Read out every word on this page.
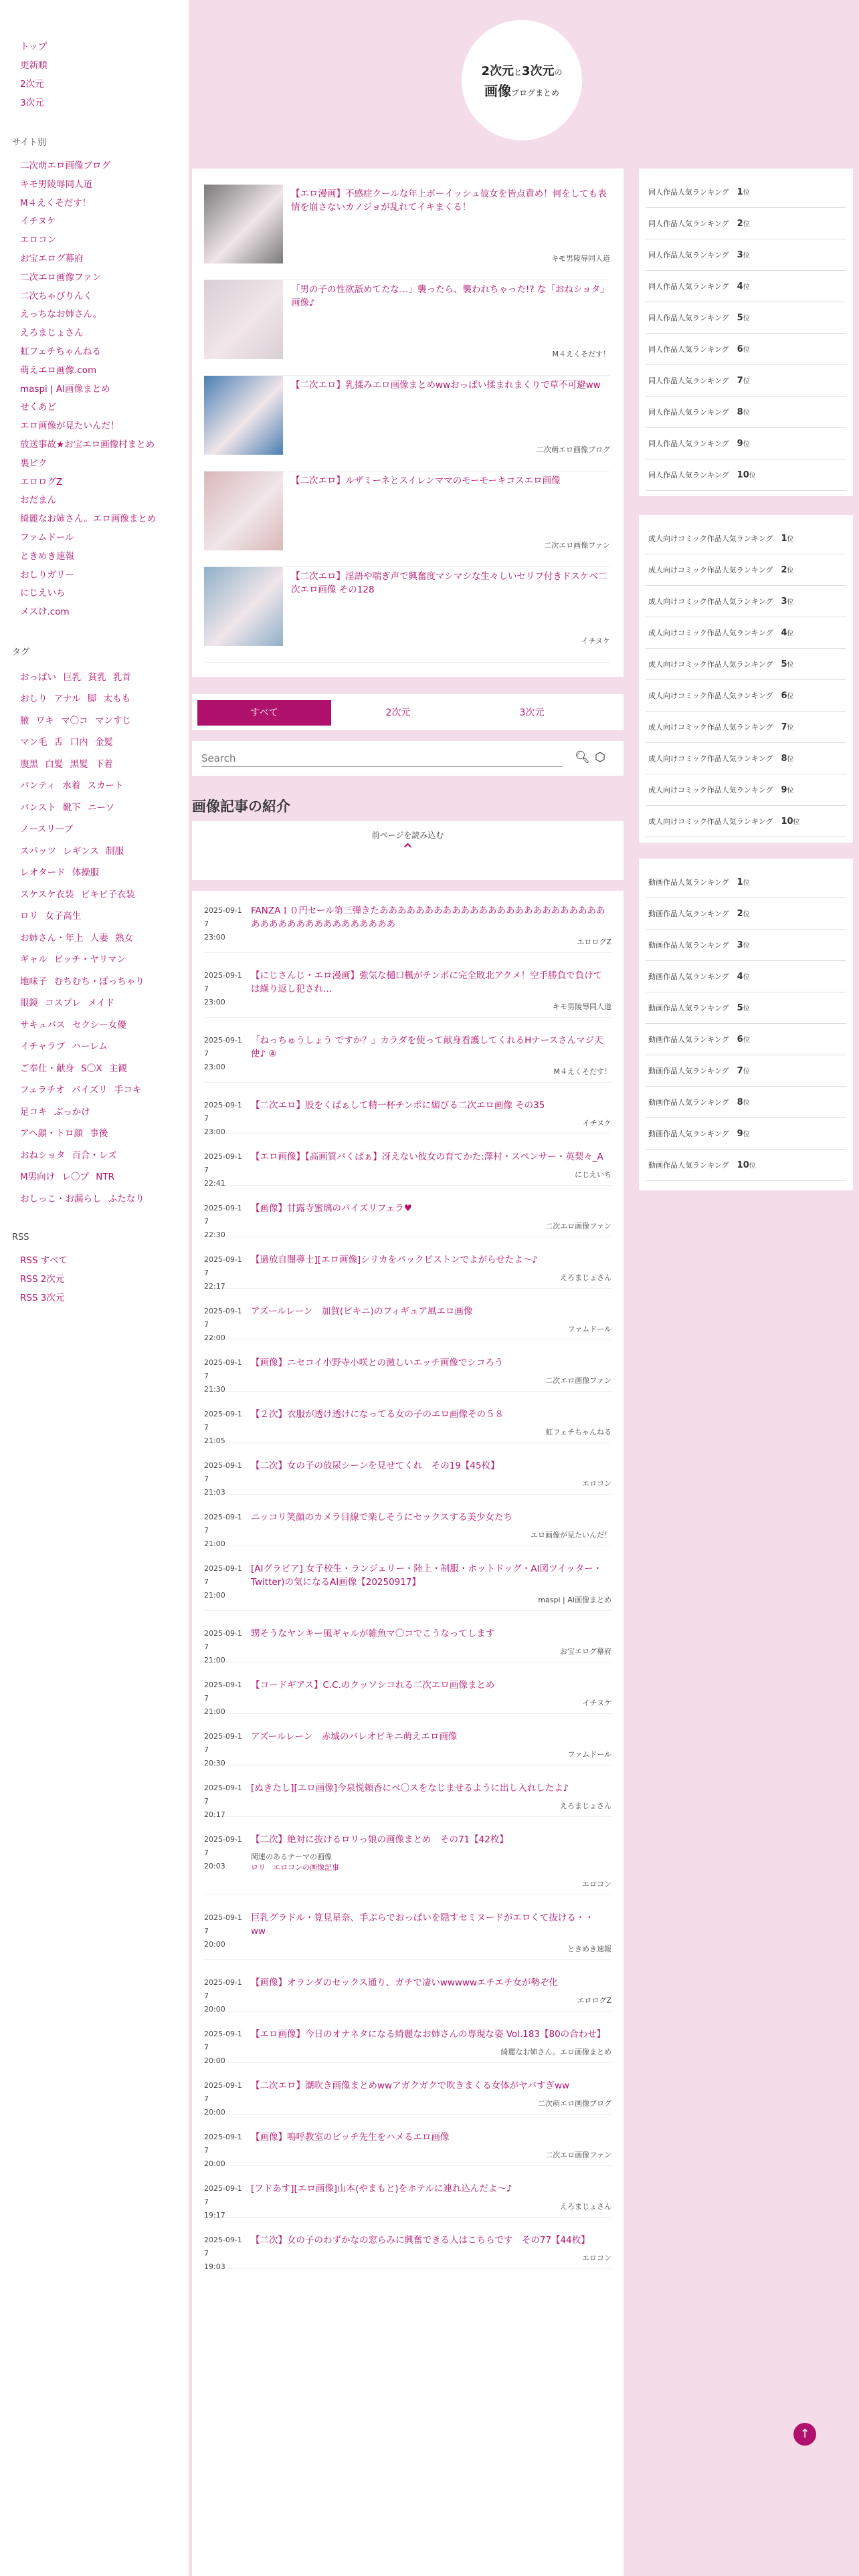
トップ
更新順
2次元
3次元
サイト別
二次萌エロ画像ブログ
キモ男陵辱同人道
M４えくそだす！
イチヌケ
エロコン
お宝エログ幕府
二次エロ画像ファン
二次ちゃびりんく
えっちなお姉さん。
えろまじょさん
虹フェチちゃんねる
萌えエロ画像.com
maspi | AI画像まとめ
せくあど
エロ画像が見たいんだ！
放送事故★お宝エロ画像村まとめ
裏ピク
エロログZ
おだまん
綺麗なお姉さん。エロ画像まとめ
ファムドール
ときめき速報
おしりガリー
にじえいち
メスけ.com
タグ
おっぱい 巨乳 貧乳 乳首
おしり アナル 脚 太もも
腋 ワキ マ〇コ マンすじ
マン毛 舌 口内 金髪
腹黒 白髪 黒髪 下着
パンティ 水着 スカート
パンスト 靴下 ニーソ
ノースリーブ
スパッツ レギンス 制服
レオタード 体操服
スケスケ衣装 ビキビ子衣装
ロリ 女子高生
お姉さん・年上 人妻 熟女
ギャル ビッチ・ヤリマン
地味子 むちむち・ぽっちゃり
眼鏡 コスプレ メイド
サキュバス セクシー女優
イチャラブ ハーレム
ご奉仕・献身 S〇X 主観
フェラチオ パイズリ 手コキ
足コキ ぶっかけ
アヘ顔・トロ顔 事後
おねショタ 百合・レズ
M男向け レ〇プ NTR
おしっこ・お漏らし ふたなり
RSS
RSS すべて
RSS 2次元
RSS 3次元
2次元と3次元の
画像ブログまとめ
【エロ漫画】不感症クールな年上ボーイッシュ彼女を皆点責め！何をしても表情を崩さないカノジョが乱れてイキまくる！
キモ男陵辱同人道
「男の子の性欲舐めてたな…」襲ったら、襲われちゃった!? な「おねショタ」画像♪
M４えくそだす！
【二次エロ】乳揉みエロ画像まとめwwおっぱい揉まれまくりで草不可避ww
二次萌エロ画像ブログ
【二次エロ】ルザミーネとスイレンママのモーモーキコスエロ画像
二次エロ画像ファン
【二次エロ】淫語や喘ぎ声で興奮度マシマシな生々しいセリフ付きドスケベ二次エロ画像 その128
イチヌケ
すべて	2次元	3次元
Search
🔍︎ ⬡
画像記事の紹介
前ページを読み込む
⌃
2025-09-1
7
23:00
FANZA１０円セール第三弾きたあああああああああああああああああああああああああああああああああああああああああ
エロログZ
2025-09-1
7
23:00
【にじさんじ・エロ漫画】強気な樋口楓がチンポに完全敗北アクメ！空手勝負で負けては繰り返し犯され…
キモ男陵辱同人道
2025-09-1
7
23:00
「ねっちゅうしょう ですか？」カラダを使って献身看護してくれるHナースさんマジ天使♪ ④
M４えくそだす！
2025-09-1
7
23:00
【二次エロ】股をくぱぁして精一杯チンポに媚びる二次エロ画像 その35
イチヌケ
2025-09-1
7
22:41
【エロ画像】【高画質パくぱぁ】冴えない彼女の育てかた:澤村・スペンサー・英梨々_A
にじえいち
2025-09-1
7
22:30
【画像】甘露寺蜜璃のパイズリフェラ♥
二次エロ画像ファン
2025-09-1
7
22:17
【過放自闇導士][エロ画像]シリカをバックピストンでよがらせたよ〜♪
えろまじょさん
2025-09-1
7
22:00
アズールレーン　加賀(ビキニ)のフィギュア風エロ画像
ファムドール
2025-09-1
7
21:30
【画像】ニセコイ小野寺小咲との激しいエッチ画像でシコろう
二次エロ画像ファン
2025-09-1
7
21:05
【２次】衣服が透け透けになってる女の子のエロ画像その５８
虹フェチちゃんねる
2025-09-1
7
21:03
【二次】女の子の放尿シーンを見せてくれ　その19【45枚】
エロコン
2025-09-1
7
21:00
ニッコリ笑顔のカメラ目線で楽しそうにセックスする美少女たち
エロ画像が見たいんだ！
2025-09-1
7
21:00
[AIグラビア] 女子校生・ランジェリー・陸上・制服・ホットドッグ・AI図ツイッター・Twitter)の気になるAI画像【20250917】
maspi | AI画像まとめ
2025-09-1
7
21:00
甥そうなヤンキー風ギャルが雑魚マ〇コでこうなってします
お宝エログ幕府
2025-09-1
7
21:00
【コードギアス】C.C.のクッソシコれる二次エロ画像まとめ
イチヌケ
2025-09-1
7
20:30
アズールレーン　赤城のバレオビキニ萌えエロ画像
ファムドール
2025-09-1
7
20:17
[ぬきたし][エロ画像]今泉悦頼香にベ〇スをなじませるように出し入れしたよ♪
えろまじょさん
2025-09-1
7
20:03
【二次】絶対に抜けるロリっ娘の画像まとめ　その71【42枚】
関連のあるテーマの画像
ロリ　 エロコンの画像記事
エロコン
2025-09-1
7
20:00
巨乳グラドル・筧見星奈、手ぶらでおっぱいを隠すセミヌードがエロくて抜ける・・ww
ときめき速報
2025-09-1
7
20:00
【画像】オランダのセックス通り、ガチで凄いwwwwwエチエチ女が勢ぞ化
エロログZ
2025-09-1
7
20:00
【エロ画像】今日のオナネタになる綺麗なお姉さんの専現な姿 Vol.183【80の合わせ】
綺麗なお姉さん。エロ画像まとめ
2025-09-1
7
20:00
【二次エロ】潮吹き画像まとめwwアガクガクで吹きまくる女体がヤバすぎww
二次萌エロ画像ブログ
2025-09-1
7
20:00
【画像】嗚呼教室のビッチ先生をハメるエロ画像
二次エロ画像ファン
2025-09-1
7
19:17
[フドあす][エロ画像]山本(やまもと)をホテルに連れ込んだよ〜♪
えろまじょさん
2025-09-1
7
19:03
【二次】女の子のわずかなの窓らみに興奮できる人はこちらです　その77【44枚】
エロコン
同人作品人気ランキング 1位
同人作品人気ランキング 2位
同人作品人気ランキング 3位
同人作品人気ランキング 4位
同人作品人気ランキング 5位
同人作品人気ランキング 6位
同人作品人気ランキング 7位
同人作品人気ランキング 8位
同人作品人気ランキング 9位
同人作品人気ランキング 10位
成人向けコミック作品人気ランキング 1位
成人向けコミック作品人気ランキング 2位
成人向けコミック作品人気ランキング 3位
成人向けコミック作品人気ランキング 4位
成人向けコミック作品人気ランキング 5位
成人向けコミック作品人気ランキング 6位
成人向けコミック作品人気ランキング 7位
成人向けコミック作品人気ランキング 8位
成人向けコミック作品人気ランキング 9位
成人向けコミック作品人気ランキング 10位
動画作品人気ランキング 1位
動画作品人気ランキング 2位
動画作品人気ランキング 3位
動画作品人気ランキング 4位
動画作品人気ランキング 5位
動画作品人気ランキング 6位
動画作品人気ランキング 7位
動画作品人気ランキング 8位
動画作品人気ランキング 9位
動画作品人気ランキング 10位
↑
